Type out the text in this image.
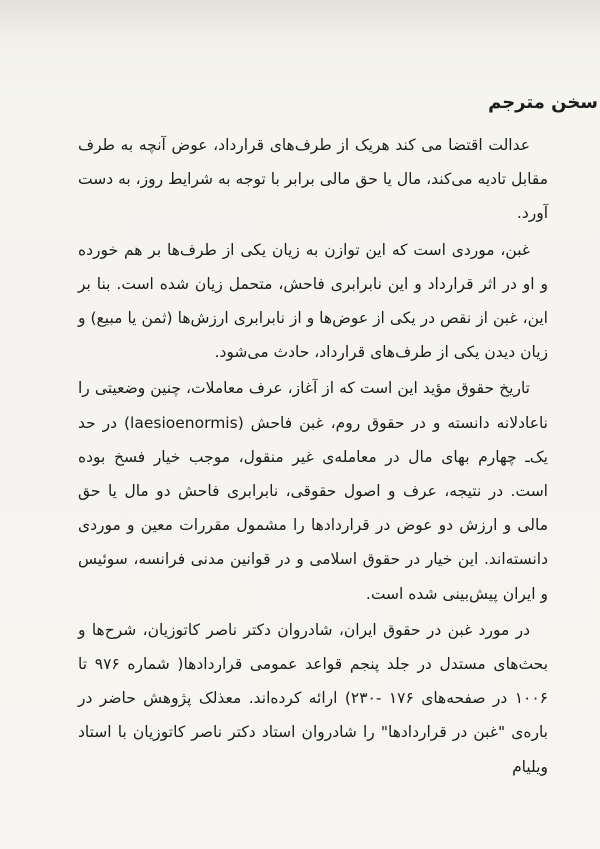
سخن مترجم

عدالت اقتضا می کند هریک از طرف‌های قرارداد، عوض آنچه به طرف مقابل تادیه می‌کند، مال یا حق مالی برابر با توجه به شرایط روز، به دست آورد.

غبن، موردی است که این توازن به زیان یکی از طرف‌ها بر هم خورده و او در اثر قرارداد و این نابرابری فاحش، متحمل زیان شده است. بنا بر این، غبن از نقص در یکی از عوض‌ها و از نابرابری ارزش‌ها (ثمن یا مبیع) و زیان دیدن یکی از طرف‌های قرارداد، حادث می‌شود.

تاریخ حقوق مؤید این است که از آغاز، عرف معاملات، چنین وضعیتی را ناعادلانه دانسته و در حقوق روم، غبن فاحش (laesioenormis) در حد یک‌ـ چهارم بهای مال در معامله‌ی غیر منقول، موجب خیار فسخ بوده است. در نتیجه، عرف و اصول حقوقی، نابرابری فاحش دو مال یا حق مالی و ارزش دو عوض در قراردادها را مشمول مقررات معین و موردی دانسته‌اند. این خیار در حقوق اسلامی و در قوانین مدنی فرانسه، سوئیس و ایران پیش‌بینی شده است.

در مورد غبن در حقوق ایران، شادروان دکتر ناصر کاتوزیان، شرح‌ها و بحث‌های مستدل در جلد پنجم قواعد عمومی قراردادها( شماره ۹۷۶ تا ۱۰۰۶ در صفحه‌های ۱۷۶ -۲۳۰) ارائه کرده‌اند. معذلک پژوهش حاضر در باره‌ی "غبن در قراردادها" را شادروان استاد دکتر ناصر کاتوزیان با استاد ویلیام
